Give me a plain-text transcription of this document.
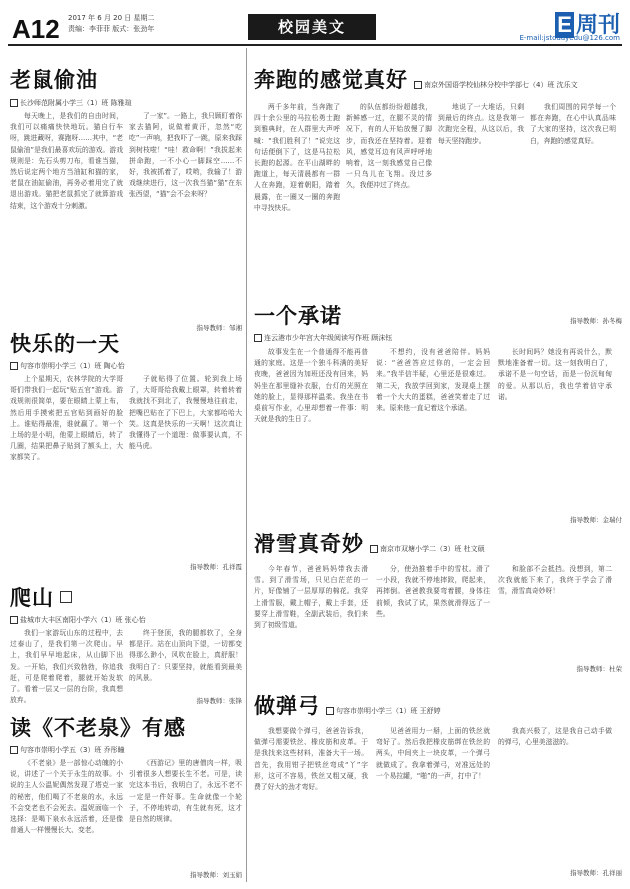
A12 2017 年 6 月 20 日 星期二
责编：李菲菲 版式：张劲年	校园美文	E 周刊
E-mail:jstodayedu@126.com
老鼠偷油
长沙师范附属小学三（1）班 陈雅瑄
每天晚上，是我们的自由时间，我们可以痛痛快快地玩。猫自行车呀，跳进藏呀，赛跑呀……其中，“老鼠偷油”是我们最喜欢玩的游戏。游戏规则是：先石头剪刀布，看谁当猫，然后说定两个地方当油缸和猫的家，老鼠在油缸偷油，再务必着用完了就退出游戏。猫把老鼠抓完了就算游戏结束，这个游戏十分刺激。
了一家”。一路上，我只顾盯着你家去猫阿，说做着黄汗，忽然“吃吃”一声响，把我吓了一跳，原来我踩到树枝啦！“哇！救命啊！”我拔起来拼命跑，一不小心一脚踩空……不好，我被抓着了，哎哟，我输了！游戏继续进行，这一次我当猫“猫”在东张西望，“猫”会不会来呀？
指导教师：邹湘
奔跑的感觉真好	南京外国语学校仙林分校中学部七（4）班 沈乐文
两千多年前，当奔跑了四十余公里的马拉松勇士跑到雅典时，在人群里大声呼喊：“我们胜利了！”说完这句话便倒下了，这是马拉松长跑的起源。在平山湖畔的跑道上，每天清晨都有一群人在奔跑，迎着朝阳，踏着晨露，在一圈又一圈的奔跑中寻找快乐。
的队伍都纷纷超越我，新鲜感一过，在腿不灵的情况下，有的人开始放慢了脚步，而我还在坚持着。迎着风，感觉耳边有风声呼呼地响着，这一刻我感觉自己像一只鸟儿在飞翔。没过多久，我便冲过了终点。
地说了一大堆话，只剩到最后的终点。这是我第一次跑完全程，从这以后，我每天坚持跑步。
我们周围的同学每一个都在奔跑，在心中认真品味了大家的坚持，这次我已明白，奔跑的感觉真好。
指导教师：孙冬梅
快乐的一天
句容市崇明小学三（1）班 陶心怡
上个星期天，农林学院的大学哥哥们带我们一起玩“贴五官”游戏。游戏规则很简单，要在眼睛上蒙上布，然后用手摸索把五官贴到画好的脸上。谁贴得最准，谁就赢了。第一个上场的是小明，他蒙上眼睛后，转了几圈，结果把鼻子贴到了额头上，大家都笑了。
子就贴得了位置。轮到我上场了，大哥哥给我戴上眼罩，转着转着我就找不到北了，我慢慢地往前走，把嘴巴贴在了下巴上，大家都哈哈大笑。这真是快乐的一天啊！这次真让我懂得了一个道理：做事要认真，不能马虎。
指导教师：孔祥霞
一个承诺
连云港市少年宫大年级阅读写作班 顾沫钰
故事发生在一个普通得不能再普通的家庭。这是一个独斗科满的美好夜晚，爸爸因为加班还没有回来，妈妈坐在那里缝补衣服，台灯的光照在她的脸上，显得那样温柔。我坐在书桌前写作业，心里却想着一件事：明天就是我的生日了。
不想约，没有爸爸陪伴。妈妈说：“爸爸答应过你的，一定会回来。”我半信半疑，心里还是很难过。第二天，我放学回到家，发现桌上摆着一个大大的蛋糕，爸爸笑着走了过来。原来他一直记着这个承诺。
长时间吗？她没有再说什么，默默地准备着一切。这一刻我明白了，承诺不是一句空话，而是一份沉甸甸的爱。从那以后，我也学着信守承诺。
指导教师：金瑞付
爬山
盐城市大丰区南阳小学六（1）班 张心怡
我们一家游玩山东的过程中，去过泰山了，是我们第一次爬山。早上，我们早早地起床，从山脚下出发。一开始，我们兴致勃勃，你追我赶，可是爬着爬着，腿就开始发软了。看着一层又一层的台阶，我真想放弃。
终于登顶，我的腿都软了，全身都是汗。站在山顶向下望，一切都变得那么渺小，风吹在脸上，真舒服！我明白了：只要坚持，就能看到最美的风景。
指导教师：张锋
滑雪真奇妙	南京市双塘小学二（3）班 杜文硕
今年春节，爸爸妈妈带我去滑雪。到了滑雪场，只见白茫茫的一片，好像铺了一层厚厚的棉花。我穿上滑雪服，戴上帽子，戴上手套，还要穿上滑雪鞋，全副武装后，我们来到了初级雪道。
分，使劲推着手中的雪杖。滑了一小段，我就不停地摔跤，爬起来，再摔倒。爸爸教我要弯着腰，身体往前倾，我试了试，果然就滑得远了一些。
和脸部不会抵挡。没想到，第二次我就能下来了，我终于学会了滑雪，滑雪真奇妙呀！
指导教师：杜荣
读《不老泉》有感
句容市崇明小学五（3）班 乔彤瞳
《不老泉》是一部惊心动魄的小说，讲述了一个关于永生的故事。小说的主人公温妮偶然发现了塔克一家的秘密，他们喝了不老泉的水，永远不会变老也不会死去。温妮面临一个选择：是喝下泉水永远活着，还是像普通人一样慢慢长大、变老。
《西游记》里的唐僧肉一样，吸引着很多人想要长生不老。可是，读完这本书后，我明白了，永远不老不一定是一件好事。生命就像一个轮子，不停地转动，有生就有死，这才是自然的规律。
指导教师：刘玉娟
做弹弓	句容市崇明小学三（1）班 王舒婷
我想要做个弹弓，爸爸告诉我，做弹弓需要铁丝、橡皮筋和皮革。于是我找来这些材料，准备大干一场。首先，我用钳子把铁丝弯成“丫”字形，这可不容易，铁丝又粗又硬，我费了好大的劲才弯好。
见爸爸用力一掰，上面的铁丝就弯好了。然后我把橡皮筋绑在铁丝的两头，中间夹上一块皮革，一个弹弓就做成了。我拿着弹弓，对准远处的一个易拉罐，“啪”的一声，打中了！
我高兴极了，这是我自己动手做的弹弓，心里美滋滋的。
指导教师：孔祥丽
